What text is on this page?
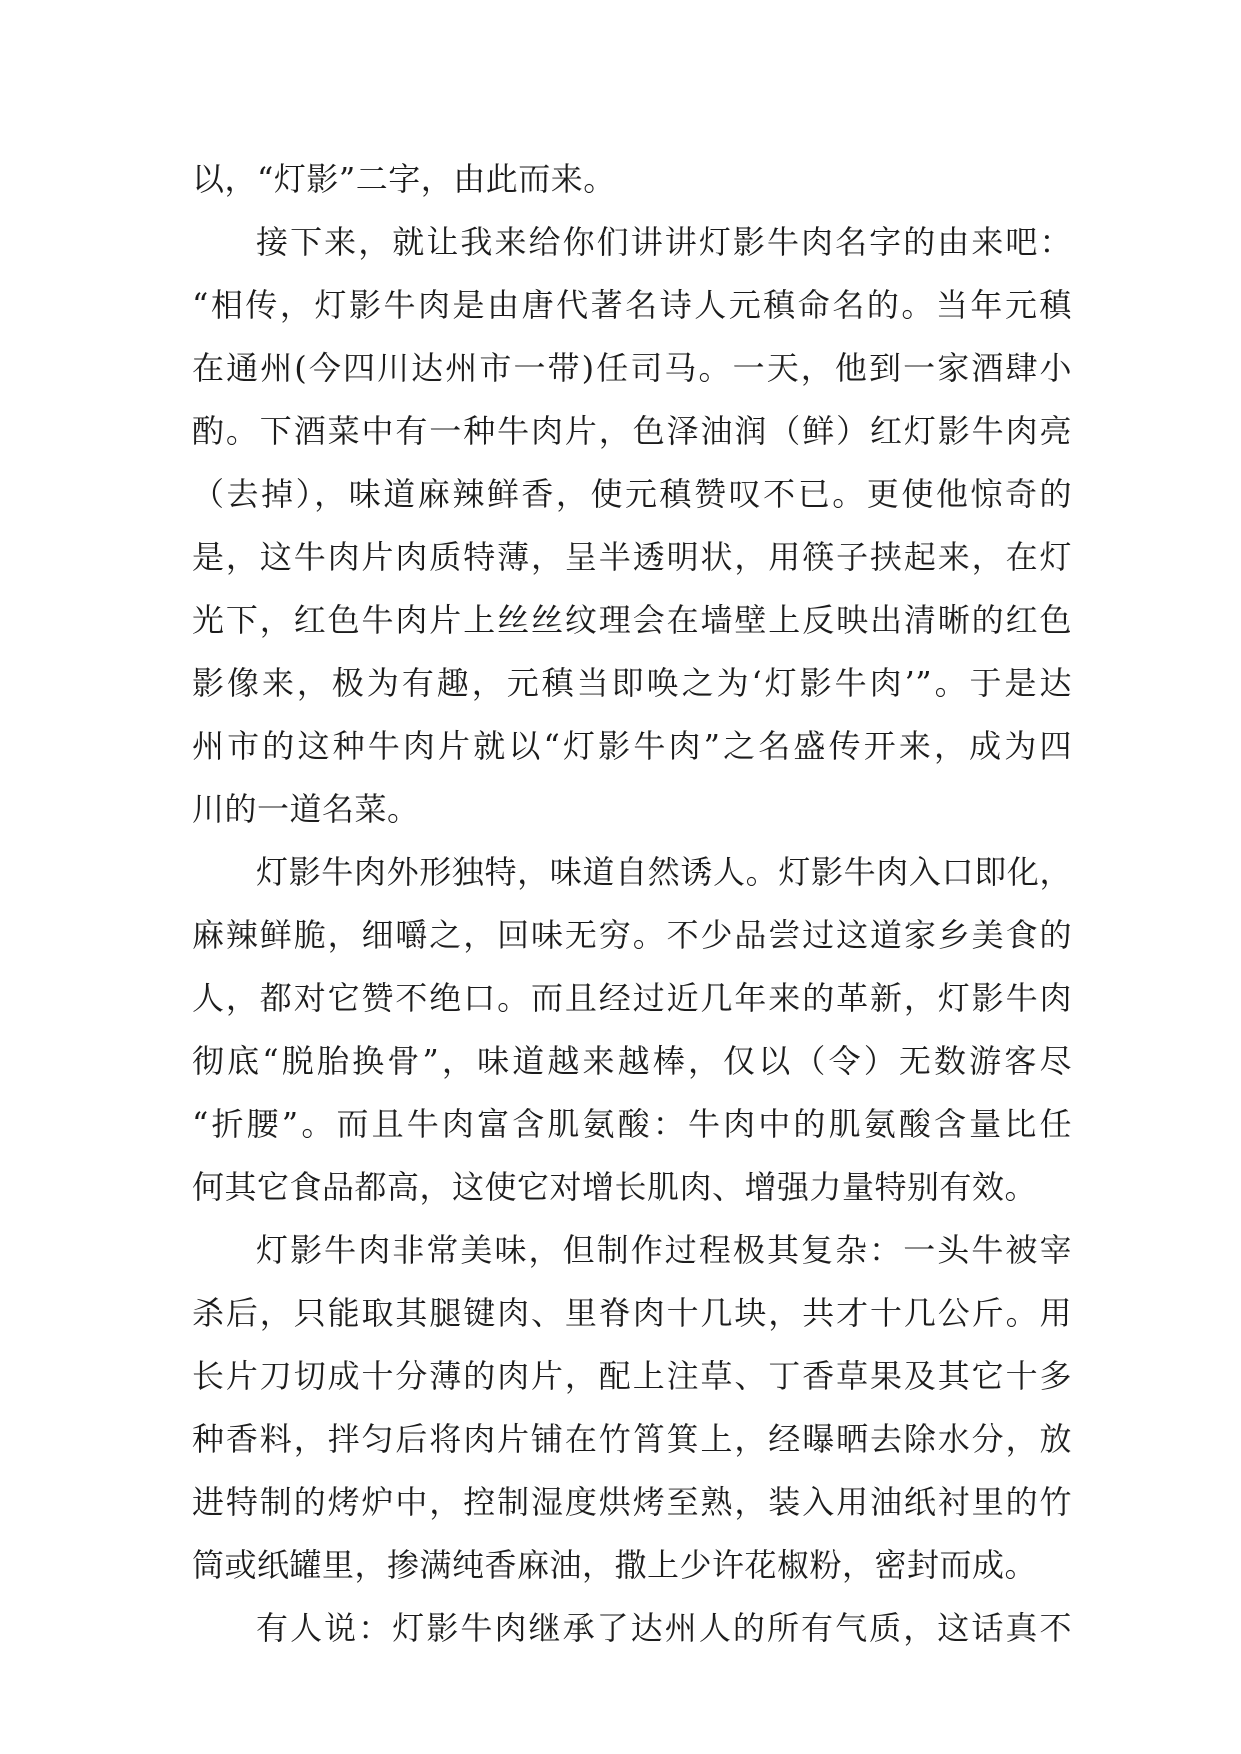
以，“灯影”二字，由此而来。
接下来，就让我来给你们讲讲灯影牛肉名字的由来吧：
“相传，灯影牛肉是由唐代著名诗人元稹命名的。当年元稹
在通州(今四川达州市一带)任司马。一天，他到一家酒肆小
酌。下酒菜中有一种牛肉片，色泽油润（鲜）红灯影牛肉亮
（去掉），味道麻辣鲜香，使元稹赞叹不已。更使他惊奇的
是，这牛肉片肉质特薄，呈半透明状，用筷子挟起来，在灯
光下，红色牛肉片上丝丝纹理会在墙壁上反映出清晰的红色
影像来，极为有趣，元稹当即唤之为‘灯影牛肉’”。于是达
州市的这种牛肉片就以“灯影牛肉”之名盛传开来，成为四
川的一道名菜。
灯影牛肉外形独特，味道自然诱人。灯影牛肉入口即化，
麻辣鲜脆，细嚼之，回味无穷。不少品尝过这道家乡美食的
人，都对它赞不绝口。而且经过近几年来的革新，灯影牛肉
彻底“脱胎换骨”，味道越来越棒，仅以（令）无数游客尽
“折腰”。而且牛肉富含肌氨酸：牛肉中的肌氨酸含量比任
何其它食品都高，这使它对增长肌肉、增强力量特别有效。
灯影牛肉非常美味，但制作过程极其复杂：一头牛被宰
杀后，只能取其腿键肉、里脊肉十几块，共才十几公斤。用
长片刀切成十分薄的肉片，配上注草、丁香草果及其它十多
种香料，拌匀后将肉片铺在竹筲箕上，经曝晒去除水分，放
进特制的烤炉中，控制湿度烘烤至熟，装入用油纸衬里的竹
筒或纸罐里，掺满纯香麻油，撒上少许花椒粉，密封而成。
有人说：灯影牛肉继承了达州人的所有气质，这话真不
